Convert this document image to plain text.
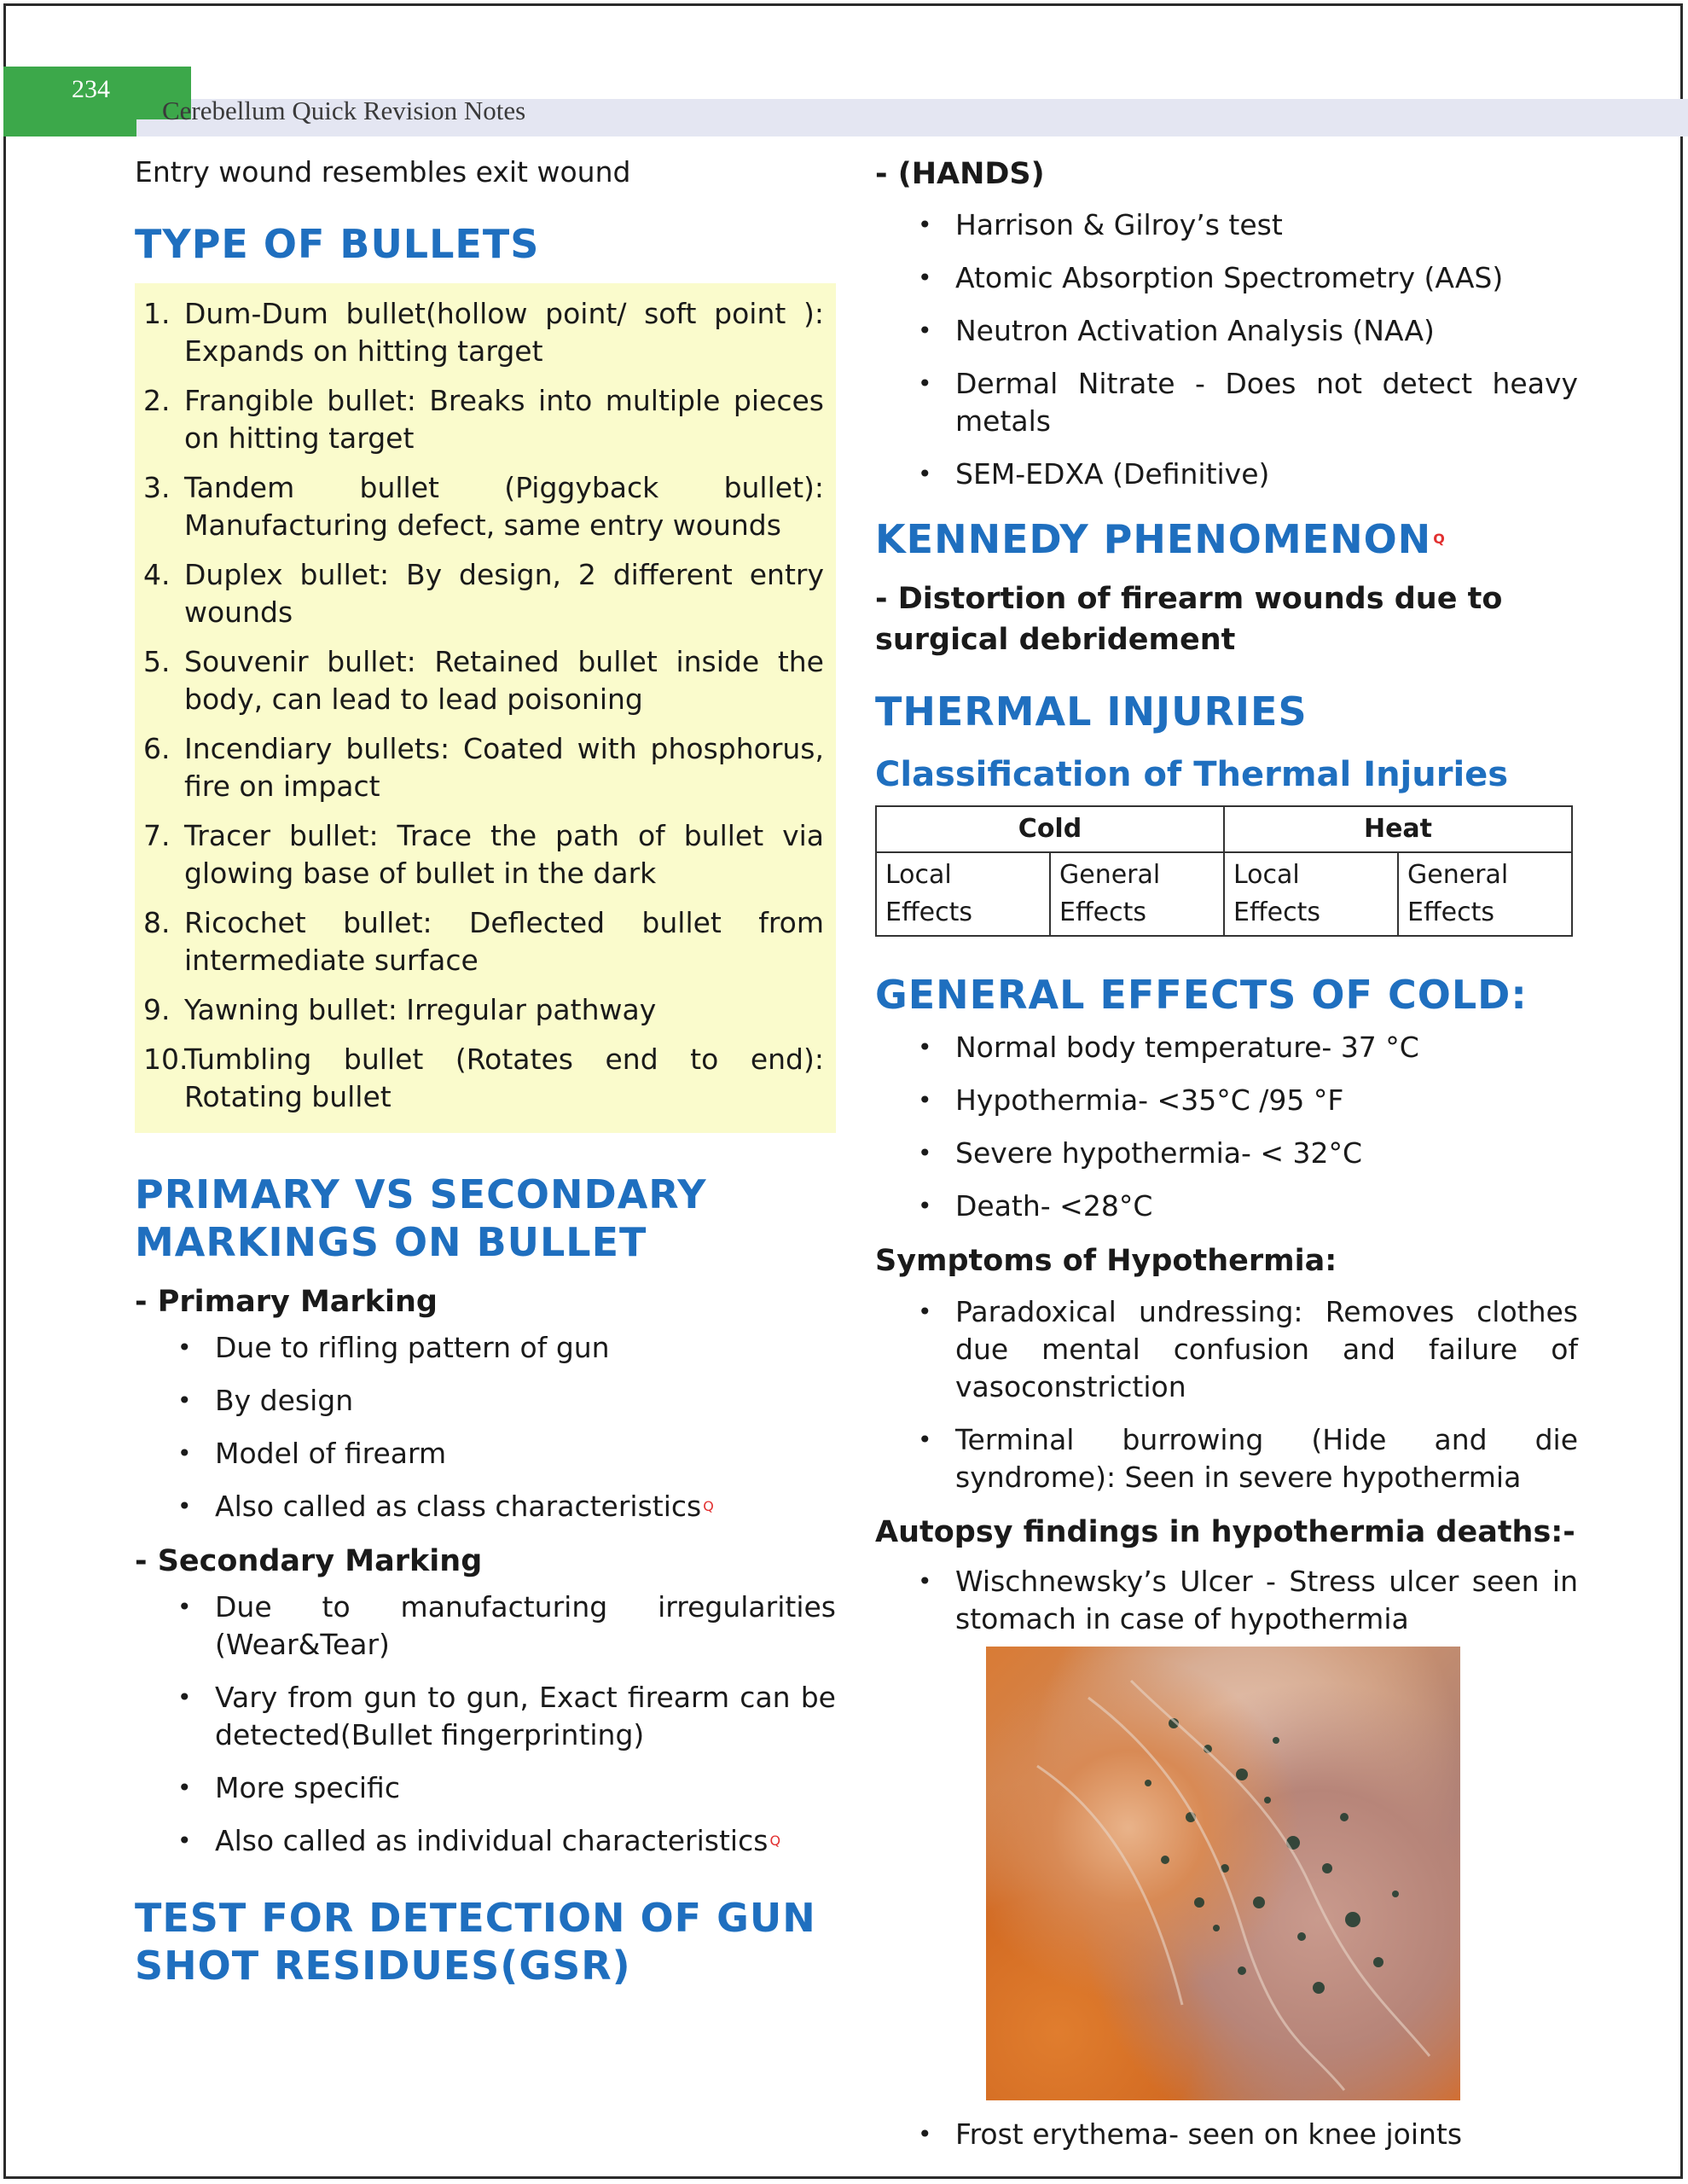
234
Cerebellum Quick Revision Notes

Entry wound resembles exit wound

TYPE OF BULLETS
1. Dum-Dum bullet(hollow point/ soft point ): Expands on hitting target
2. Frangible bullet: Breaks into multiple pieces on hitting target
3. Tandem bullet (Piggyback bullet): Manufacturing defect, same entry wounds
4. Duplex bullet: By design, 2 different entry wounds
5. Souvenir bullet: Retained bullet inside the body, can lead to lead poisoning
6. Incendiary bullets: Coated with phosphorus, fire on impact
7. Tracer bullet: Trace the path of bullet via glowing base of bullet in the dark
8. Ricochet bullet: Deflected bullet from intermediate surface
9. Yawning bullet: Irregular pathway
10.
Tumbling bullet (Rotates end to end): Rotating bullet
PRIMARY VS SECONDARY MARKINGS ON BULLET
- Primary Marking
• Due to rifling pattern of gun
• By design
• Model of firearm
• Also called as class characteristics $^Q$
- Secondary Marking
• Due to manufacturing irregularities (Wear&Tear)
• Vary from gun to gun, Exact firearm can be detected(Bullet fingerprinting)
• More specific
• Also called as individual characteristics $^Q$
TEST FOR DETECTION OF GUN SHOT RESIDUES(GSR)
- (HANDS)
• Harrison & Gilroy’s test
• Atomic Absorption Spectrometry (AAS)
• Neutron Activation Analysis (NAA)
• Dermal Nitrate - Does not detect heavy metals
• SEM-EDXA (Definitive)
KENNEDY PHENOMENON $^Q$

- Distortion of firearm wounds due to surgical debridement

THERMAL INJURIES
Classification of Thermal Injuries
Cold		Heat	
Local Effects	General Effects	Local Effects	General Effects
GENERAL EFFECTS OF COLD:
• Normal body temperature- 37 °C
• Hypothermia- <35°C /95 °F
• Severe hypothermia- < 32°C
• Death- <28°C
Symptoms of Hypothermia:
• Paradoxical undressing: Removes clothes due mental confusion and failure of vasoconstriction
• Terminal burrowing (Hide and die syndrome): Seen in severe hypothermia
Autopsy findings in hypothermia deaths:-
• Wischnewsky’s Ulcer - Stress ulcer seen in stomach in case of hypothermia
• Frost erythema- seen on knee joints
